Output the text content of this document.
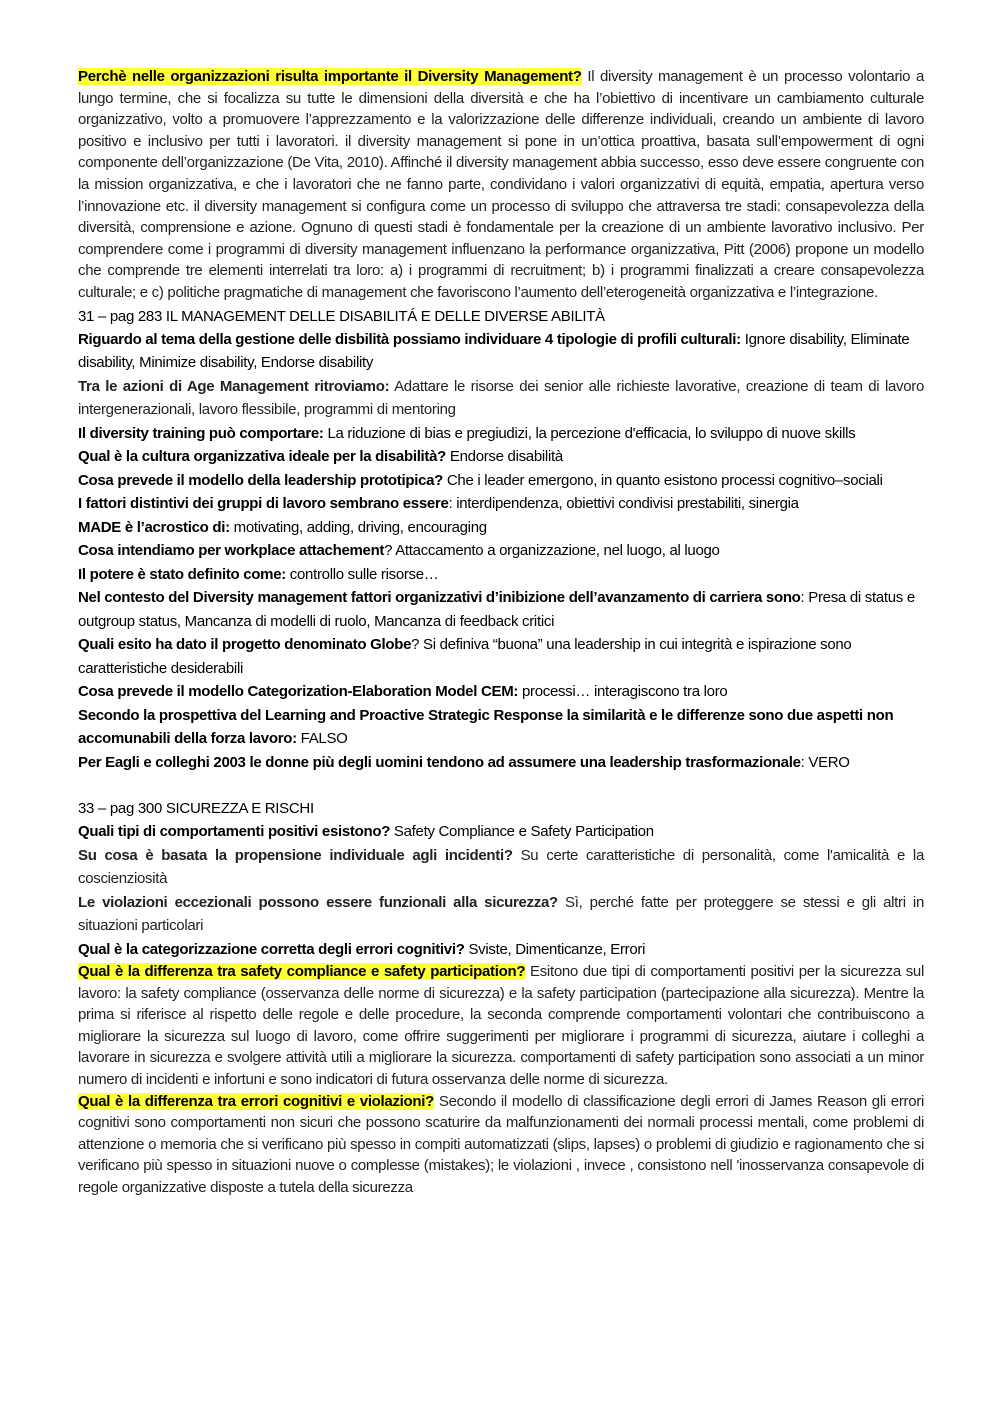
Perchè nelle organizzazioni risulta importante il Diversity Management? Il diversity management è un processo volontario a lungo termine, che si focalizza su tutte le dimensioni della diversità e che ha l’obiettivo di incentivare un cambiamento culturale organizzativo, volto a promuovere l’apprezzamento e la valorizzazione delle differenze individuali, creando un ambiente di lavoro positivo e inclusivo per tutti i lavoratori. il diversity management si pone in un’ottica proattiva, basata sull’empowerment di ogni componente dell’organizzazione (De Vita, 2010). Affinché il diversity management abbia successo, esso deve essere congruente con la mission organizzativa, e che i lavoratori che ne fanno parte, condividano i valori organizzativi di equità, empatia, apertura verso l’innovazione etc. il diversity management si configura come un processo di sviluppo che attraversa tre stadi: consapevolezza della diversità, comprensione e azione. Ognuno di questi stadi è fondamentale per la creazione di un ambiente lavorativo inclusivo. Per comprendere come i programmi di diversity management influenzano la performance organizzativa, Pitt (2006) propone un modello che comprende tre elementi interrelati tra loro: a) i programmi di recruitment; b) i programmi finalizzati a creare consapevolezza culturale; e c) politiche pragmatiche di management che favoriscono l’aumento dell’eterogeneità organizzativa e l’integrazione.

31 – pag 283 IL MANAGEMENT DELLE DISABILITÁ E DELLE DIVERSE ABILITÀ

Riguardo al tema della gestione delle disbilità possiamo individuare 4 tipologie di profili culturali: Ignore disability, Eliminate disability, Minimize disability, Endorse disability

Tra le azioni di Age Management ritroviamo: Adattare le risorse dei senior alle richieste lavorative, creazione di team di lavoro intergenerazionali, lavoro flessibile, programmi di mentoring

Il diversity training può comportare: La riduzione di bias e pregiudizi, la percezione d'efficacia, lo sviluppo di nuove skills

Qual è la cultura organizzativa ideale per la disabilità? Endorse disabilità

Cosa prevede il modello della leadership prototipica? Che i leader emergono, in quanto esistono processi cognitivo‒sociali

I fattori distintivi dei gruppi di lavoro sembrano essere: interdipendenza, obiettivi condivisi prestabiliti, sinergia

MADE è l’acrostico di: motivating, adding, driving, encouraging

Cosa intendiamo per workplace attachement? Attaccamento a organizzazione, nel luogo, al luogo

Il potere è stato definito come: controllo sulle risorse…

Nel contesto del Diversity management fattori organizzativi d’inibizione dell’avanzamento di carriera sono: Presa di status e outgroup status, Mancanza di modelli di ruolo, Mancanza di feedback critici

Quali esito ha dato il progetto denominato Globe? Si definiva “buona” una leadership in cui integrità e ispirazione sono caratteristiche desiderabili

Cosa prevede il modello Categorization-Elaboration Model CEM: processi… interagiscono tra loro

Secondo la prospettiva del Learning and Proactive Strategic Response la similarità e le differenze sono due aspetti non accomunabili della forza lavoro: FALSO

Per Eagli e colleghi 2003 le donne più degli uomini tendono ad assumere una leadership trasformazionale: VERO

33 – pag 300 SICUREZZA E RISCHI

Quali tipi di comportamenti positivi esistono? Safety Compliance e Safety Participation

Su cosa è basata la propensione individuale agli incidenti? Su certe caratteristiche di personalità, come l'amicalità e la coscienziosità

Le violazioni eccezionali possono essere funzionali alla sicurezza? Sì, perché fatte per proteggere se stessi e gli altri in situazioni particolari

Qual è la categorizzazione corretta degli errori cognitivi? Sviste, Dimenticanze, Errori

Qual è la differenza tra safety compliance e safety participation? Esitono due tipi di comportamenti positivi per la sicurezza sul lavoro: la safety compliance (osservanza delle norme di sicurezza) e la safety participation (partecipazione alla sicurezza). Mentre la prima si riferisce al rispetto delle regole e delle procedure, la seconda comprende comportamenti volontari che contribuiscono a migliorare la sicurezza sul luogo di lavoro, come offrire suggerimenti per migliorare i programmi di sicurezza, aiutare i colleghi a lavorare in sicurezza e svolgere attività utili a migliorare la sicurezza. comportamenti di safety participation sono associati a un minor numero di incidenti e infortuni e sono indicatori di futura osservanza delle norme di sicurezza.

Qual è la differenza tra errori cognitivi e violazioni? Secondo il modello di classificazione degli errori di James Reason gli errori cognitivi sono comportamenti non sicuri che possono scaturire da malfunzionamenti dei normali processi mentali, come problemi di attenzione o memoria che si verificano più spesso in compiti automatizzati (slips, lapses) o problemi di giudizio e ragionamento che si verificano più spesso in situazioni nuove o complesse (mistakes); le violazioni , invece , consistono nell 'inosservanza consapevole di regole organizzative disposte a tutela della sicurezza
